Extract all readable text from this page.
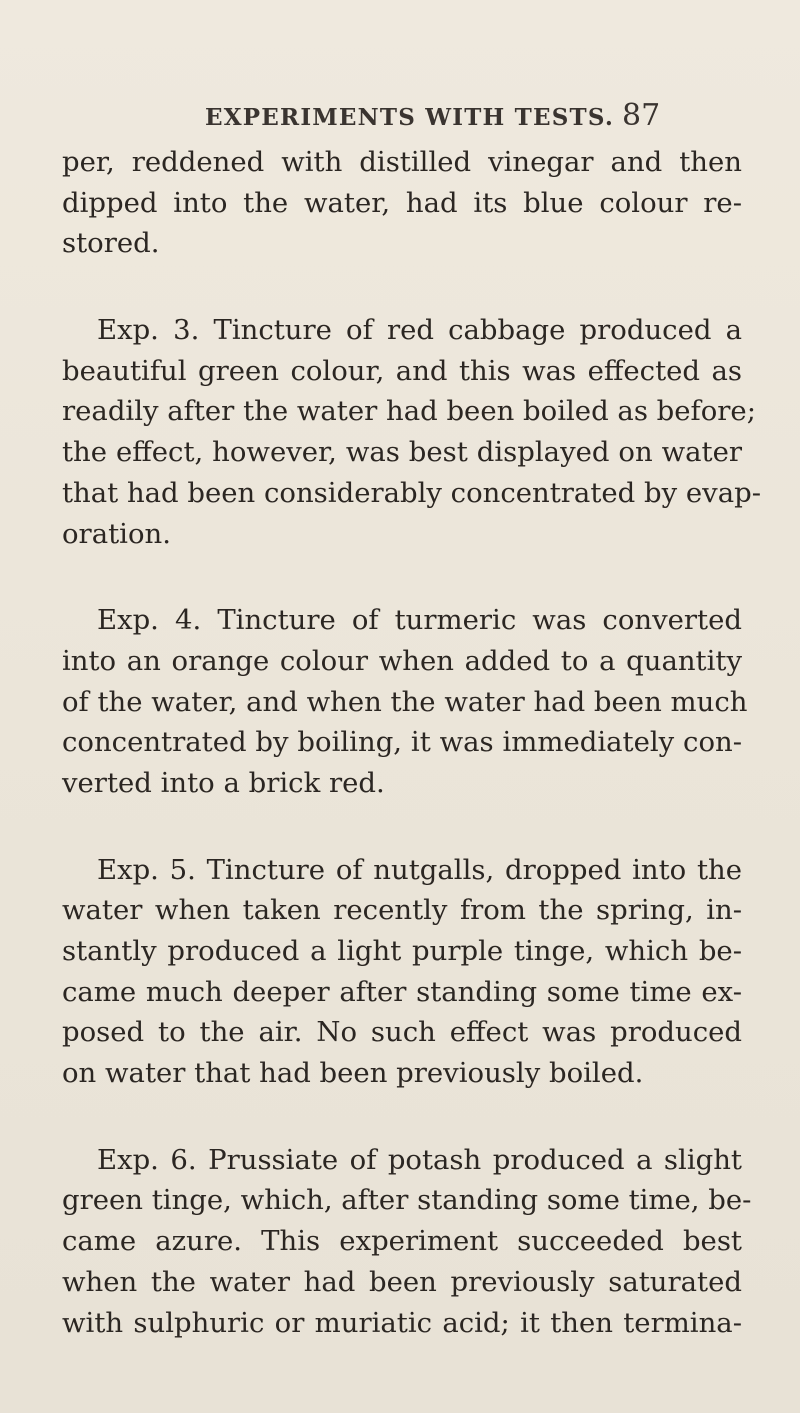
EXPERIMENTS WITH TESTS. 87
per, reddened with distilled vinegar and then
dipped into the water, had its blue colour re-
stored.
Exp. 3. Tincture of red cabbage produced a
beautiful green colour, and this was effected as
readily after the water had been boiled as before;
the effect, however, was best displayed on water
that had been considerably concentrated by evap-
oration.
Exp. 4. Tincture of turmeric was converted
into an orange colour when added to a quantity
of the water, and when the water had been much
concentrated by boiling, it was immediately con-
verted into a brick red.
Exp. 5. Tincture of nutgalls, dropped into the
water when taken recently from the spring, in-
stantly produced a light purple tinge, which be-
came much deeper after standing some time ex-
posed to the air. No such effect was produced
on water that had been previously boiled.
Exp. 6. Prussiate of potash produced a slight
green tinge, which, after standing some time, be-
came azure. This experiment succeeded best
when the water had been previously saturated
with sulphuric or muriatic acid; it then termina-
